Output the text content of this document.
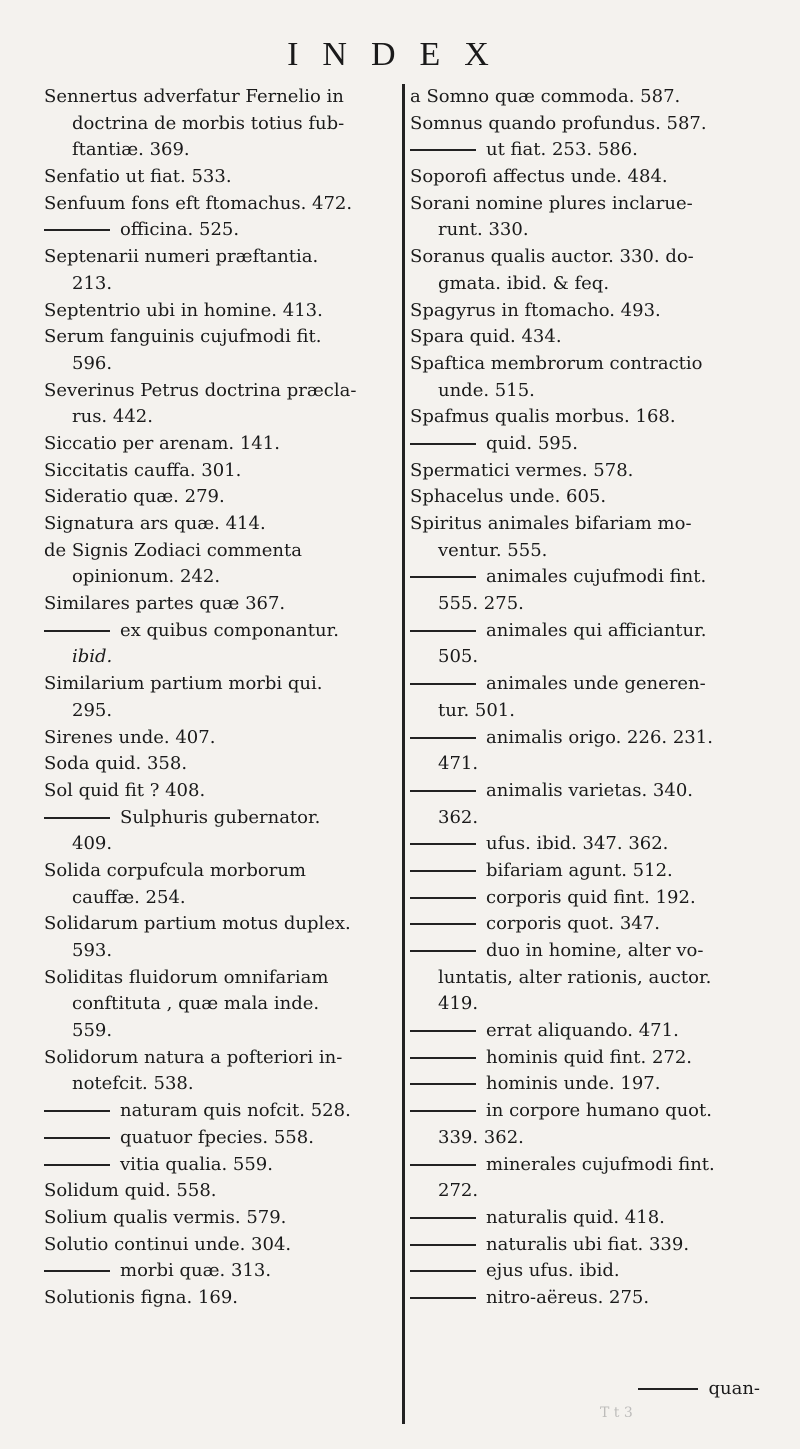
INDEX
Sennertus adverfatur Fernelio in
doctrina de morbis totius fub-
ftantiæ. 369.
Senfatio ut fiat. 533.
Senfuum fons eft ftomachus. 472.
officina. 525.
Septenarii numeri præftantia.
213.
Septentrio ubi in homine. 413.
Serum fanguinis cujufmodi fit.
596.
Severinus Petrus doctrina præcla-
rus. 442.
Siccatio per arenam. 141.
Siccitatis cauffa. 301.
Sideratio quæ. 279.
Signatura ars quæ. 414.
de Signis Zodiaci commenta
opinionum. 242.
Similares partes quæ 367.
ex quibus componantur.
ibid.
Similarium partium morbi qui.
295.
Sirenes unde. 407.
Soda quid. 358.
Sol quid fit ? 408.
Sulphuris gubernator.
409.
Solida corpufcula morborum
cauffæ. 254.
Solidarum partium motus duplex.
593.
Soliditas fluidorum omnifariam
conftituta , quæ mala inde.
559.
Solidorum natura a pofteriori in-
notefcit. 538.
naturam quis nofcit. 528.
quatuor fpecies. 558.
vitia qualia. 559.
Solidum quid. 558.
Solium qualis vermis. 579.
Solutio continui unde. 304.
morbi quæ. 313.
Solutionis figna. 169.
a Somno quæ commoda. 587.
Somnus quando profundus. 587.
ut fiat. 253. 586.
Soporofi affectus unde. 484.
Sorani nomine plures inclarue-
runt. 330.
Soranus qualis auctor. 330. do-
gmata. ibid. & feq.
Spagyrus in ftomacho. 493.
Spara quid. 434.
Spaftica membrorum contractio
unde. 515.
Spafmus qualis morbus. 168.
quid. 595.
Spermatici vermes. 578.
Sphacelus unde. 605.
Spiritus animales bifariam mo-
ventur. 555.
animales cujufmodi fint.
555. 275.
animales qui afficiantur.
505.
animales unde generen-
tur. 501.
animalis origo. 226. 231.
471.
animalis varietas. 340.
362.
ufus. ibid. 347. 362.
bifariam agunt. 512.
corporis quid fint. 192.
corporis quot. 347.
duo in homine, alter vo-
luntatis, alter rationis, auctor.
419.
errat aliquando. 471.
hominis quid fint. 272.
hominis unde. 197.
in corpore humano quot.
339. 362.
minerales cujufmodi fint.
272.
naturalis quid. 418.
naturalis ubi fiat. 339.
ejus ufus. ibid.
nitro-aëreus. 275.
quan-
T t 3
